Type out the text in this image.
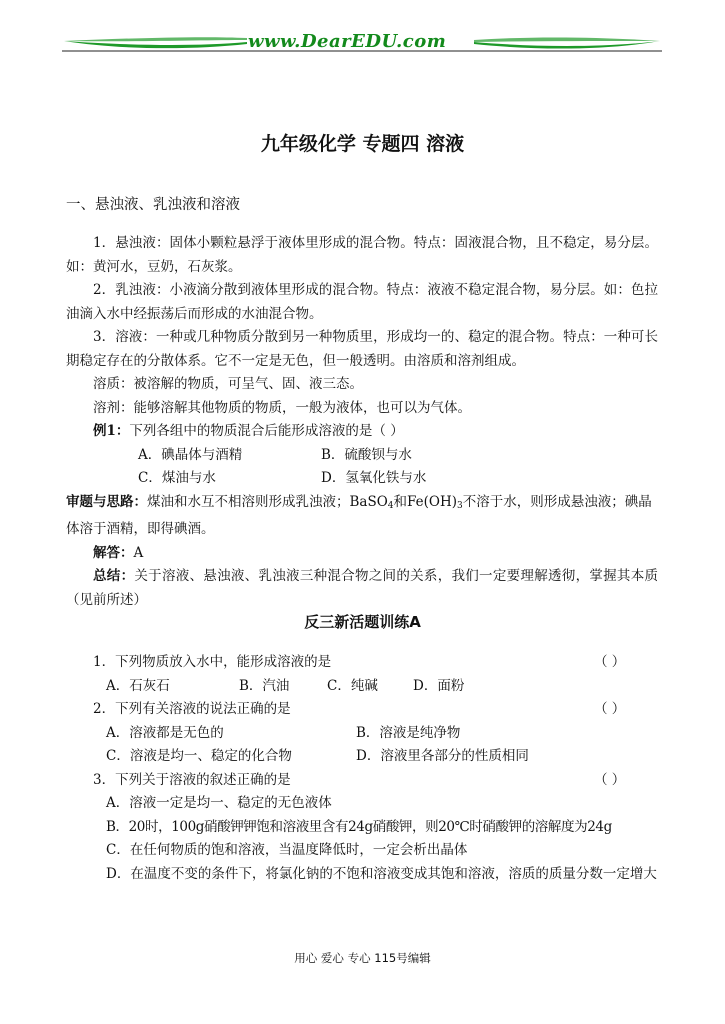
www.DearEDU.com
九年级化学 专题四 溶液
一、悬浊液、乳浊液和溶液

1．悬浊液：固体小颗粒悬浮于液体里形成的混合物。特点：固液混合物，且不稳定，易分层。如：黄河水，豆奶，石灰浆。

2．乳浊液：小液滴分散到液体里形成的混合物。特点：液液不稳定混合物，易分层。如：色拉油滴入水中经振荡后而形成的水油混合物。

3．溶液：一种或几种物质分散到另一种物质里，形成均一的、稳定的混合物。特点：一种可长期稳定存在的分散体系。它不一定是无色，但一般透明。由溶质和溶剂组成。

溶质：被溶解的物质，可呈气、固、液三态。

溶剂：能够溶解其他物质的物质，一般为液体，也可以为气体。

例1：下列各组中的物质混合后能形成溶液的是（ ）

A．碘晶体与酒精	B．硫酸钡与水
C．煤油与水	D．氢氧化铁与水

审题与思路：煤油和水互不相溶则形成乳浊液；BaSO$_4$和$Fe(OH)_3$不溶于水，则形成悬浊液；碘晶体溶于酒精，即得碘酒。

解答：A

总结：关于溶液、悬浊液、乳浊液三种混合物之间的关系，我们一定要理解透彻，掌握其本质（见前所述）

反三新活题训练A
1．下列物质放入水中，能形成溶液的是	（ ）
A．石灰石	B．汽油	C．纯碱	D．面粉
2．下列有关溶液的说法正确的是	（ ）
A．溶液都是无色的	B．溶液是纯净物
C．溶液是均一、稳定的化合物	D．溶液里各部分的性质相同
3．下列关于溶液的叙述正确的是	（ ）

A．溶液一定是均一、稳定的无色液体

B．20时，100g硝酸钾钾饱和溶液里含有24g硝酸钾，则20℃时硝酸钾的溶解度为24g

C．在任何物质的饱和溶液，当温度降低时，一定会析出晶体

D．在温度不变的条件下，将氯化钠的不饱和溶液变成其饱和溶液，溶质的质量分数一定增大

用心 爱心 专心 115号编辑
